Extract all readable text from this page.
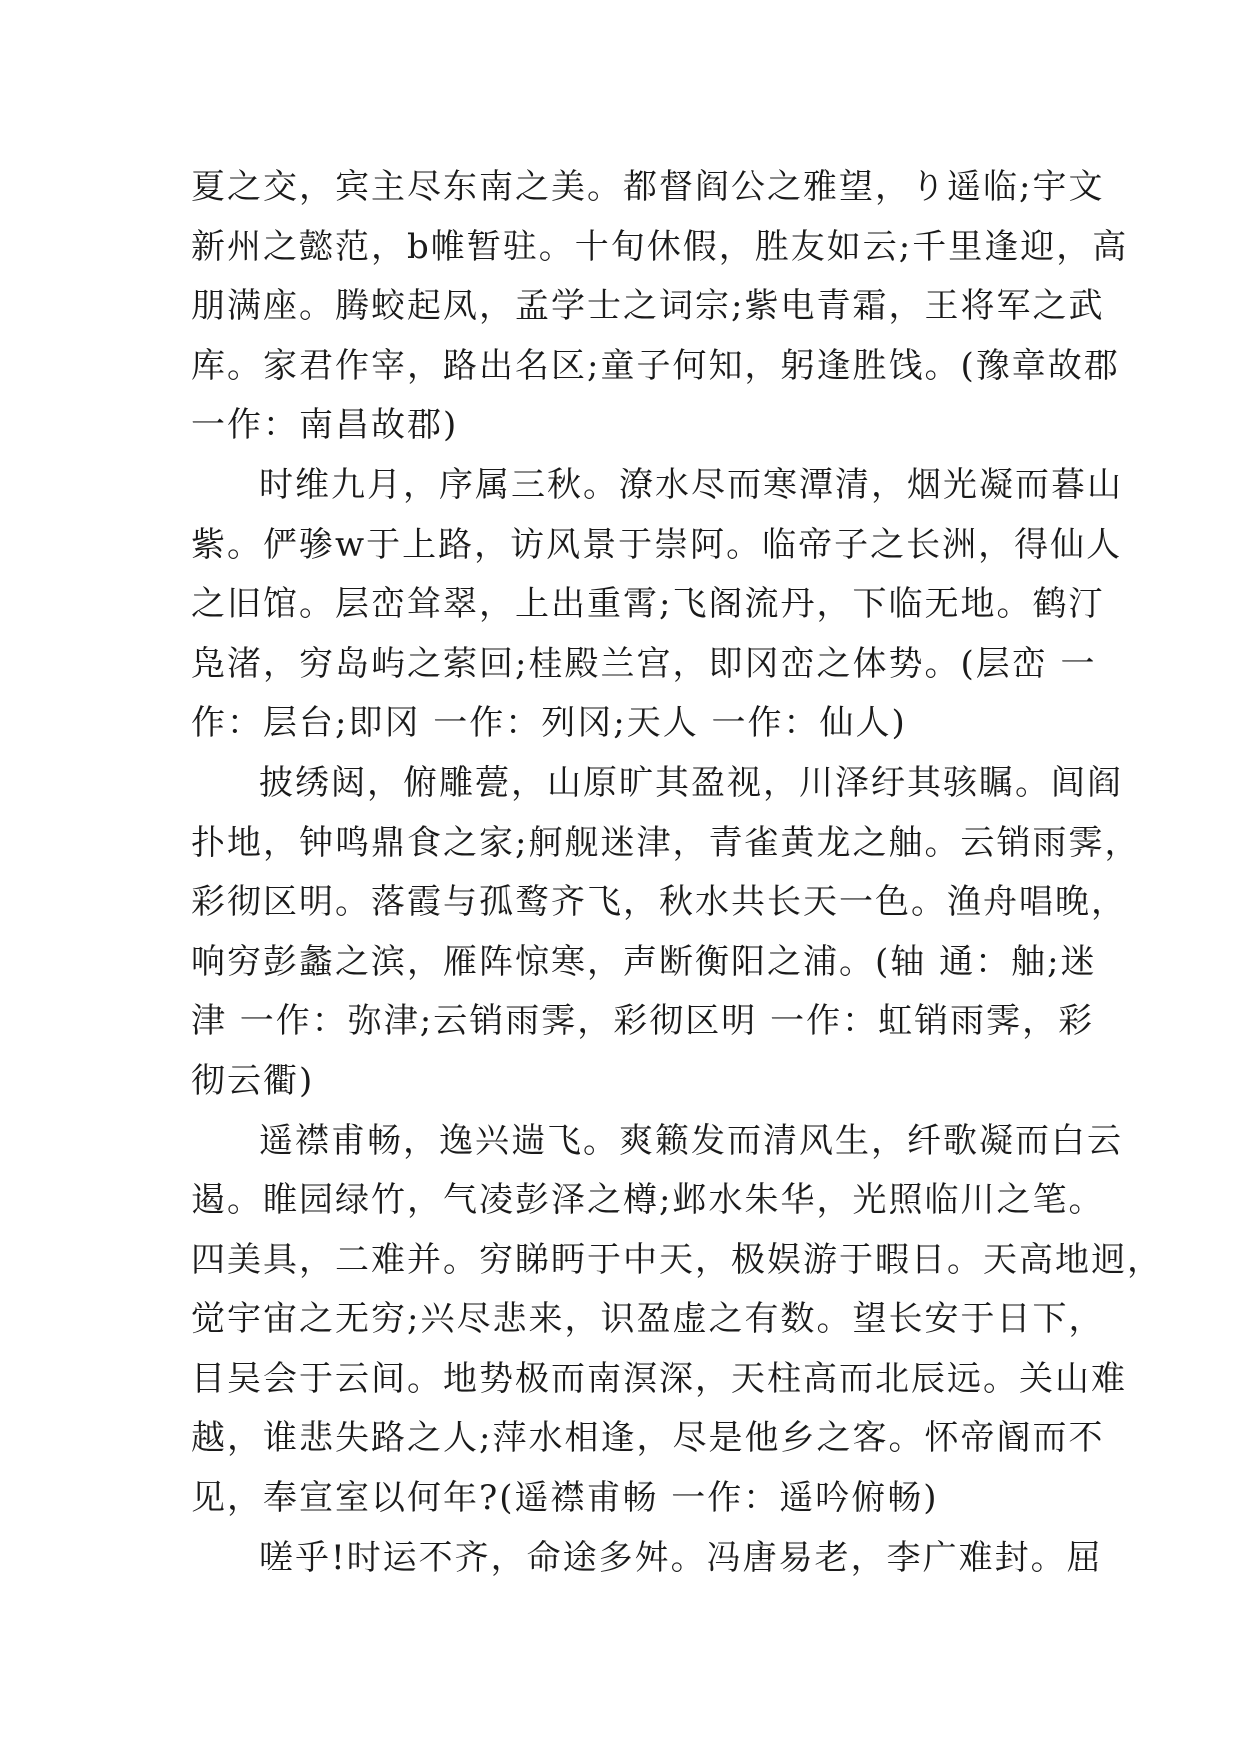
夏之交，宾主尽东南之美。都督阎公之雅望，り遥临;宇文
新州之懿范，b帷暂驻。十旬休假，胜友如云;千里逢迎，高
朋满座。腾蛟起凤，孟学士之词宗;紫电青霜，王将军之武
库。家君作宰，路出名区;童子何知，躬逢胜饯。(豫章故郡
一作：南昌故郡)
时维九月，序属三秋。潦水尽而寒潭清，烟光凝而暮山
紫。俨骖w于上路，访风景于崇阿。临帝子之长洲，得仙人
之旧馆。层峦耸翠，上出重霄;飞阁流丹，下临无地。鹤汀
凫渚，穷岛屿之萦回;桂殿兰宫，即冈峦之体势。(层峦 一
作：层台;即冈 一作：列冈;天人 一作：仙人)
披绣闼，俯雕甍，山原旷其盈视，川泽纡其骇瞩。闾阎
扑地，钟鸣鼎食之家;舸舰迷津，青雀黄龙之舳。云销雨霁，
彩彻区明。落霞与孤鹜齐飞，秋水共长天一色。渔舟唱晚，
响穷彭蠡之滨，雁阵惊寒，声断衡阳之浦。(轴 通：舳;迷
津 一作：弥津;云销雨霁，彩彻区明 一作：虹销雨霁，彩
彻云衢)
遥襟甫畅，逸兴遄飞。爽籁发而清风生，纤歌凝而白云
遏。睢园绿竹，气凌彭泽之樽;邺水朱华，光照临川之笔。
四美具，二难并。穷睇眄于中天，极娱游于暇日。天高地迥，
觉宇宙之无穷;兴尽悲来，识盈虚之有数。望长安于日下，
目吴会于云间。地势极而南溟深，天柱高而北辰远。关山难
越，谁悲失路之人;萍水相逢，尽是他乡之客。怀帝阍而不
见，奉宣室以何年?(遥襟甫畅 一作：遥吟俯畅)
嗟乎!时运不齐，命途多舛。冯唐易老，李广难封。屈
